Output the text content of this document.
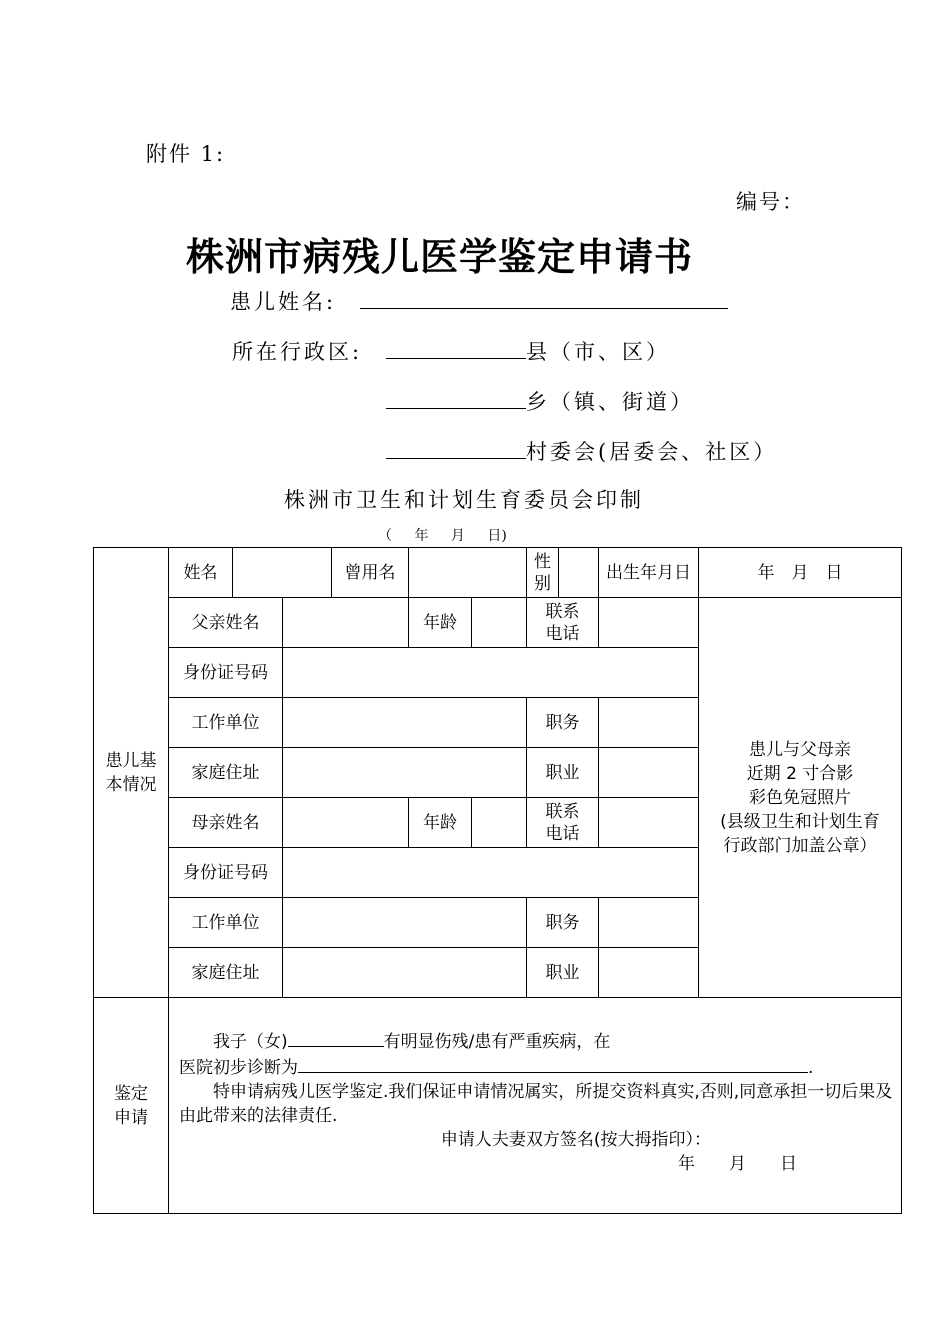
附件 1:
编号：
株洲市病残儿医学鉴定申请书
患儿姓名:
所在行政区:	县（市、区）
乡（镇、街道）
村委会(居委会、社区）
株洲市卫生和计划生育委员会印制
（ 年 月 日)
患儿基本情况	姓名			曾用名			性别		出生年月日	年　月　日
	父亲姓名				年龄		联系电话			患儿与父母亲
近期 2 寸合影
彩色免冠照片
(县级卫生和计划生育
行政部门加盖公章）

	身份证号码									
	工作单位						职务			
	家庭住址						职业			
	母亲姓名				年龄		联系电话			

	身份证号码									
	工作单位						职务			
	家庭住址						职业			

鉴定申请	我子（女) 有明显伤残/患有严重疾病，在

医院初步诊断为 .

特申请病残儿医学鉴定.我们保证申请情况属实，所提交资料真实,否则,同意承担一切后果及由此带来的法律责任.

申请人夫妻双方签名(按大拇指印）：

年　　月　　日									
